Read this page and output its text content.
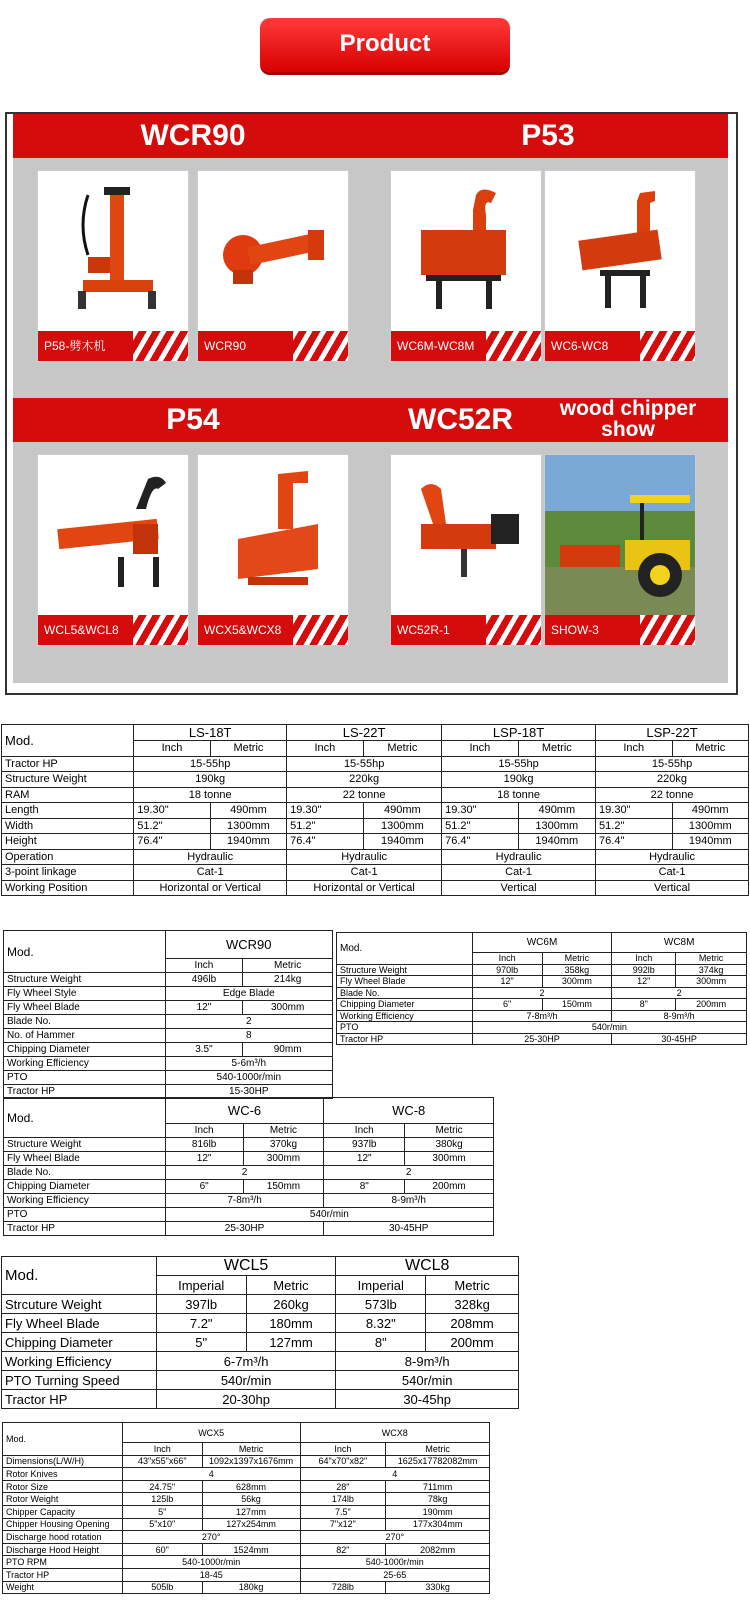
Product
WCR90
P58-劈木机	WCR90
P53
WC6M-WC8M	WC6-WC8
P54
WCL5&WCL8	WCX5&WCX8
WC52R	wood chipper show
WC52R-1	SHOW-3
Mod.	LS-18T		LS-22T		LSP-18T		LSP-22T	
	Inch	Metric	Inch	Metric	Inch	Metric	Inch	Metric
Tractor HP	15-55hp		15-55hp		15-55hp		15-55hp	
Structure Weight	190kg		220kg		190kg		220kg	
RAM	18 tonne		22 tonne		18 tonne		22 tonne	
Length	19.30"	490mm	19.30"	490mm	19.30"	490mm	19.30"	490mm
Width	51.2"	1300mm	51.2"	1300mm	51.2"	1300mm	51.2"	1300mm
Height	76.4"	1940mm	76.4"	1940mm	76.4"	1940mm	76.4"	1940mm
Operation	Hydraulic		Hydraulic		Hydraulic		Hydraulic	
3-point linkage	Cat-1		Cat-1		Cat-1		Cat-1	
Working Position	Horizontal or Vertical		Horizontal or Vertical		Vertical		Vertical	
Mod.	WCR90	
	Inch	Metric
Structure Weight	496lb	214kg
Fly Wheel Style	Edge Blade	
Fly Wheel Blade	12"	300mm
Blade No.	2	
No. of Hammer	8	
Chipping Diameter	3.5"	90mm
Working Efficiency	5-6m³/h	
PTO	540-1000r/min	
Tractor HP	15-30HP	
Mod.	WC6M		WC8M	
	Inch	Metric	Inch	Metric
Structure Weight	970lb	358kg	992lb	374kg
Fly Wheel Blade	12"	300mm	12"	300mm
Blade No.	2		2	
Chipping Diameter	6"	150mm	8"	200mm
Working Efficiency	7-8m³/h		8-9m³/h	
PTO	540r/min			
Tractor HP	25-30HP		30-45HP	
Mod.	WC-6		WC-8	
	Inch	Metric	Inch	Metric
Structure Weight	816lb	370kg	937lb	380kg
Fly Wheel Blade	12"	300mm	12"	300mm
Blade No.	2		2	
Chipping Diameter	6"	150mm	8"	200mm
Working Efficiency	7-8m³/h		8-9m³/h	
PTO	540r/min			
Tractor HP	25-30HP		30-45HP	
Mod.	WCL5		WCL8	
	Imperial	Metric	Imperial	Metric
Strcuture Weight	397lb	260kg	573lb	328kg
Fly Wheel Blade	7.2"	180mm	8.32"	208mm
Chipping Diameter	5"	127mm	8"	200mm
Working Efficiency	6-7m³/h		8-9m³/h	
PTO Turning Speed	540r/min		540r/min	
Tractor HP	20-30hp		30-45hp	
Mod.	WCX5		WCX8	
	Inch	Metric	Inch	Metric
Dimensions(L/W/H)	43"x55"x66"	1092x1397x1676mm	64"x70"x82"	1625x17782082mm
Rotor Knives	4		4	
Rotor Size	24.75"	628mm	28"	711mm
Rotor Weight	125lb	56kg	174lb	78kg
Chipper Capacity	5"	127mm	7.5"	190mm
Chipper Housing Opening	5"x10"	127x254mm	7"x12"	177x304mm
Discharge hood rotation	270°		270°	
Discharge Hood Height	60"	1524mm	82"	2082mm
PTO RPM	540-1000r/min		540-1000r/min	
Tractor HP	18-45		25-65	
Weight	505lb	180kg	728lb	330kg
